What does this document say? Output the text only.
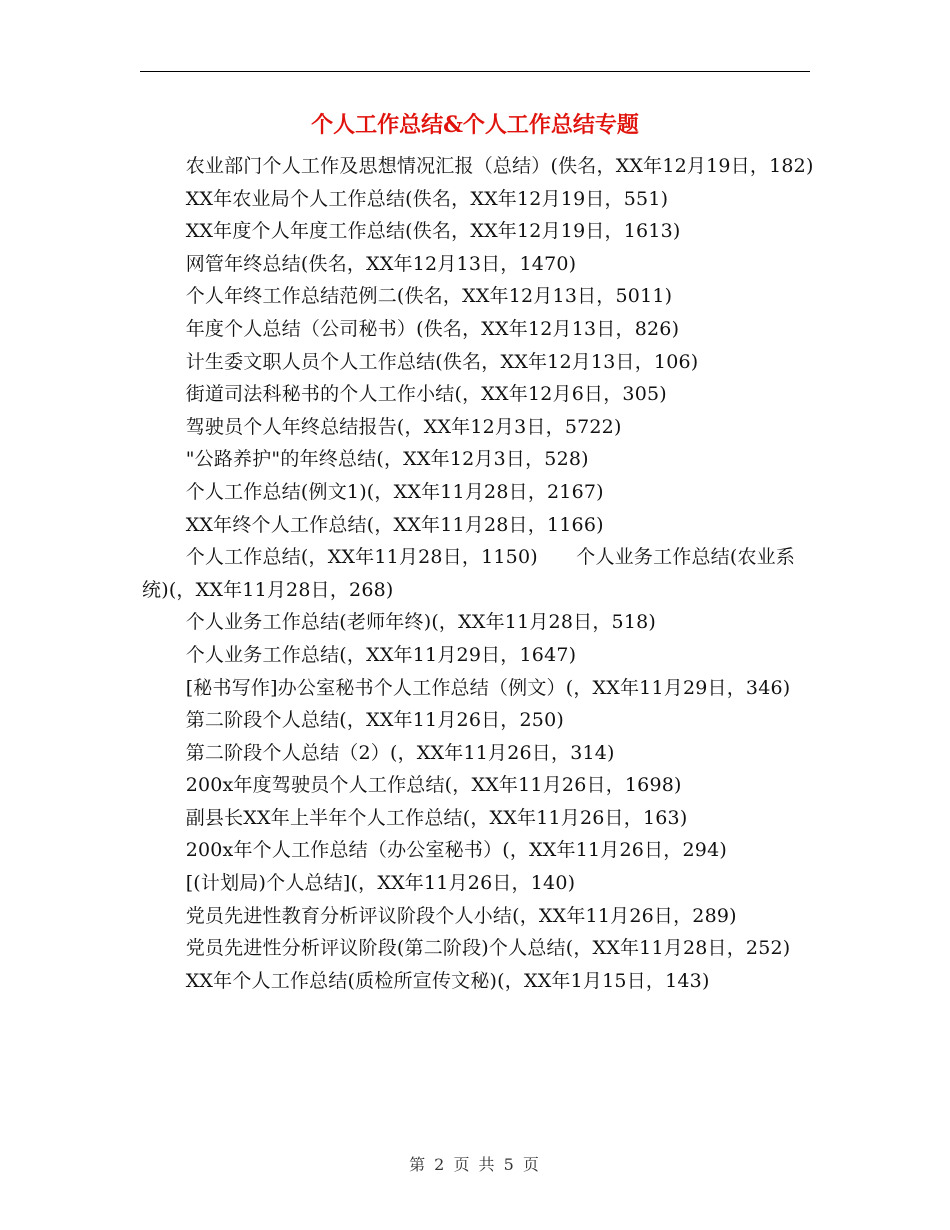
个人工作总结&个人工作总结专题

农业部门个人工作及思想情况汇报（总结）(佚名，XX年12月19日，182)

XX年农业局个人工作总结(佚名，XX年12月19日，551)

XX年度个人年度工作总结(佚名，XX年12月19日，1613)

网管年终总结(佚名，XX年12月13日，1470)

个人年终工作总结范例二(佚名，XX年12月13日，5011)

年度个人总结（公司秘书）(佚名，XX年12月13日，826)

计生委文职人员个人工作总结(佚名，XX年12月13日，106)

街道司法科秘书的个人工作小结(，XX年12月6日，305)

驾驶员个人年终总结报告(，XX年12月3日，5722)

"公路养护"的年终总结(，XX年12月3日，528)

个人工作总结(例文1)(，XX年11月28日，2167)

XX年终个人工作总结(，XX年11月28日，1166)

个人工作总结(，XX年11月28日，1150)　　个人业务工作总结(农业系统)(，XX年11月28日，268)

个人业务工作总结(老师年终)(，XX年11月28日，518)

个人业务工作总结(，XX年11月29日，1647)

[秘书写作]办公室秘书个人工作总结（例文）(，XX年11月29日，346)

第二阶段个人总结(，XX年11月26日，250)

第二阶段个人总结（2）(，XX年11月26日，314)

200x年度驾驶员个人工作总结(，XX年11月26日，1698)

副县长XX年上半年个人工作总结(，XX年11月26日，163)

200x年个人工作总结（办公室秘书）(，XX年11月26日，294)

[(计划局)个人总结](，XX年11月26日，140)

党员先进性教育分析评议阶段个人小结(，XX年11月26日，289)

党员先进性分析评议阶段(第二阶段)个人总结(，XX年11月28日，252)

XX年个人工作总结(质检所宣传文秘)(，XX年1月15日，143)

第 2 页 共 5 页
